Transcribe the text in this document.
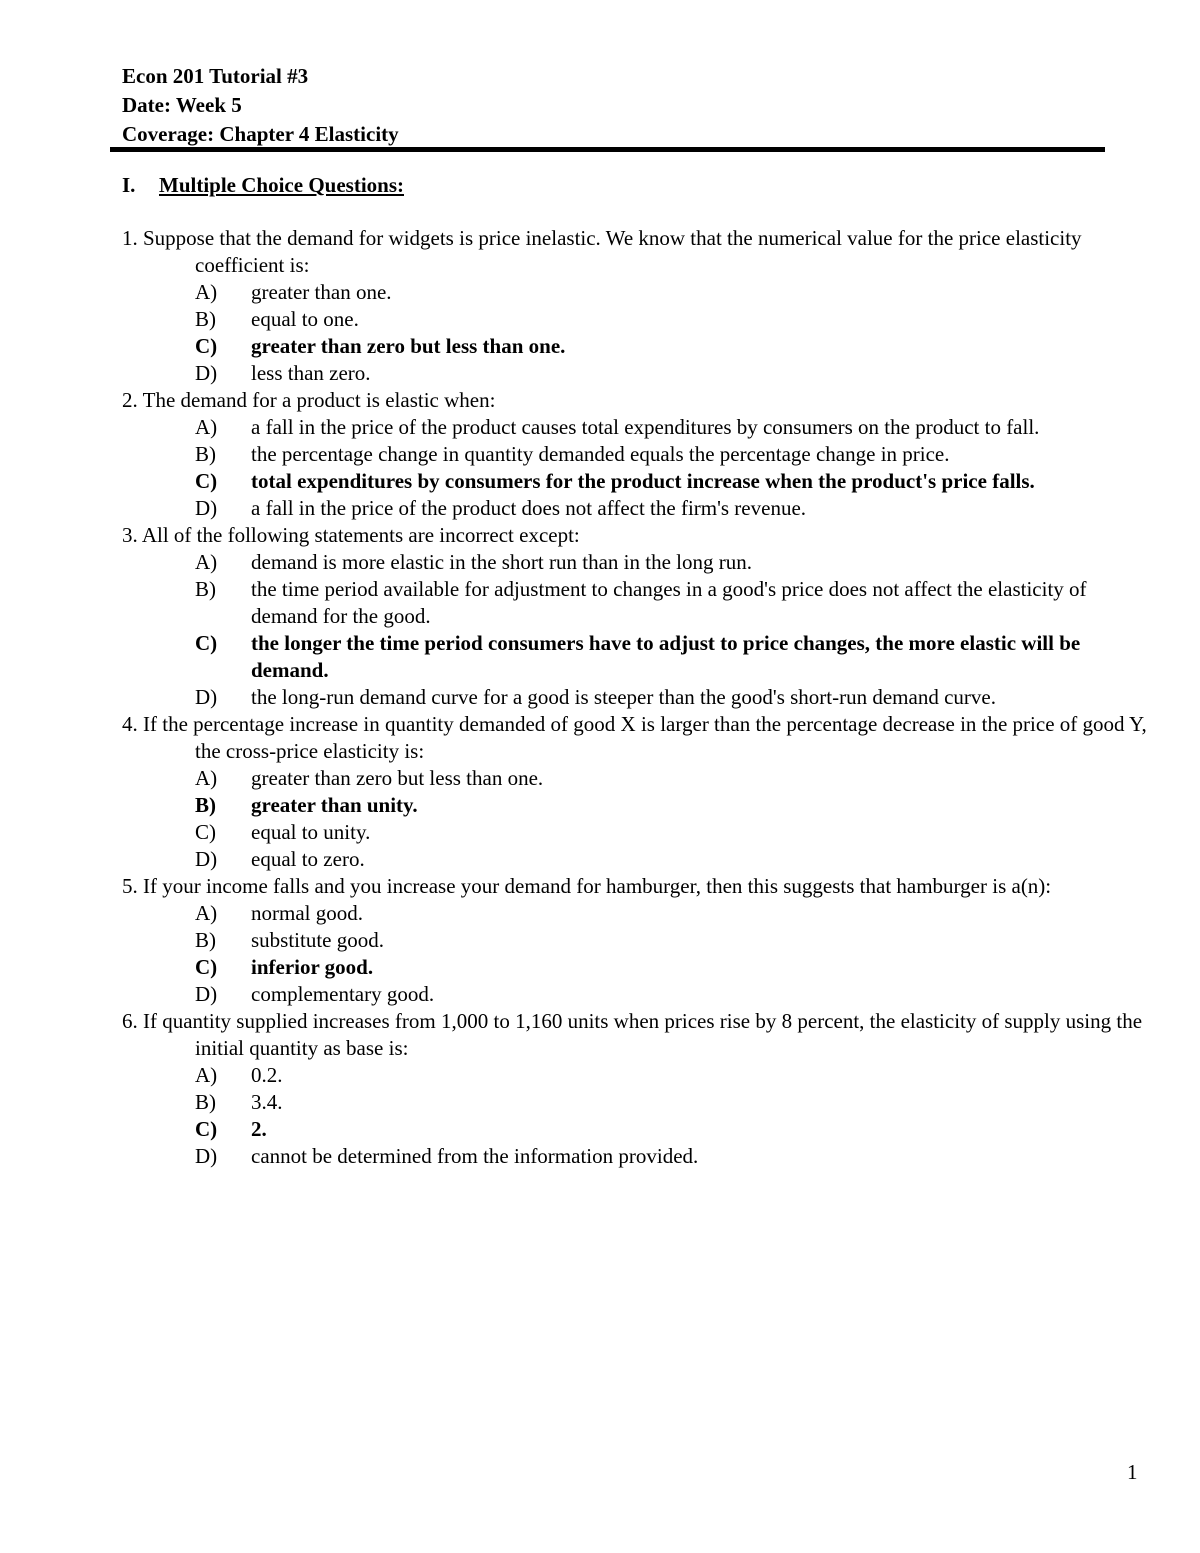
Econ 201 Tutorial #3
Date: Week 5
Coverage: Chapter 4 Elasticity
I. Multiple Choice Questions:

1. Suppose that the demand for widgets is price inelastic. We know that the numerical value for the price elasticity coefficient is:

A)	greater than one.
B)	equal to one.
C)	greater than zero but less than one.
D)	less than zero.

2. The demand for a product is elastic when:

A)	a fall in the price of the product causes total expenditures by consumers on the product to fall.
B)	the percentage change in quantity demanded equals the percentage change in price.
C)	total expenditures by consumers for the product increase when the product's price falls.
D)	a fall in the price of the product does not affect the firm's revenue.

3. All of the following statements are incorrect except:

A)	demand is more elastic in the short run than in the long run.
B)	the time period available for adjustment to changes in a good's price does not affect the elasticity of demand for the good.
C)	the longer the time period consumers have to adjust to price changes, the more elastic will be demand.
D)	the long-run demand curve for a good is steeper than the good's short-run demand curve.

4. If the percentage increase in quantity demanded of good X is larger than the percentage decrease in the price of good Y, the cross-price elasticity is:

A)	greater than zero but less than one.
B)	greater than unity.
C)	equal to unity.
D)	equal to zero.

5. If your income falls and you increase your demand for hamburger, then this suggests that hamburger is a(n):

A)	normal good.
B)	substitute good.
C)	inferior good.
D)	complementary good.

6. If quantity supplied increases from 1,000 to 1,160 units when prices rise by 8 percent, the elasticity of supply using the initial quantity as base is:

A)	0.2.
B)	3.4.
C)	2.
D)	cannot be determined from the information provided.
1
